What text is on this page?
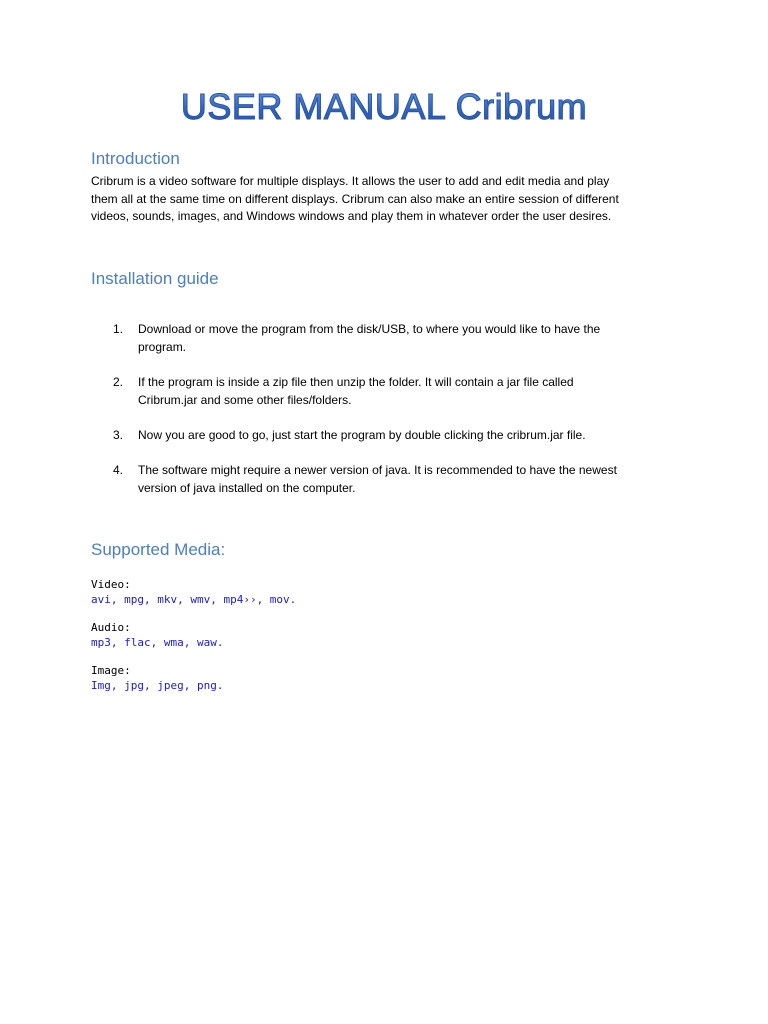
USER MANUAL Cribrum
Introduction

Cribrum is a video software for multiple displays. It allows the user to add and edit media and play
them all at the same time on different displays. Cribrum can also make an entire session of different
videos, sounds, images, and Windows windows and play them in whatever order the user desires.

Installation guide
1.	Download or move the program from the disk/USB, to where you would like to have the
program.
2.	If the program is inside a zip file then unzip the folder. It will contain a jar file called
Cribrum.jar and some other files/folders.
3.	Now you are good to go, just start the program by double clicking the cribrum.jar file.
4.	The software might require a newer version of java. It is recommended to have the newest
version of java installed on the computer.
Supported Media:
Video:
avi, mpg, mkv, wmv, mp4››, mov.
Audio:
mp3, flac, wma, waw.
Image:
Img, jpg, jpeg, png.
